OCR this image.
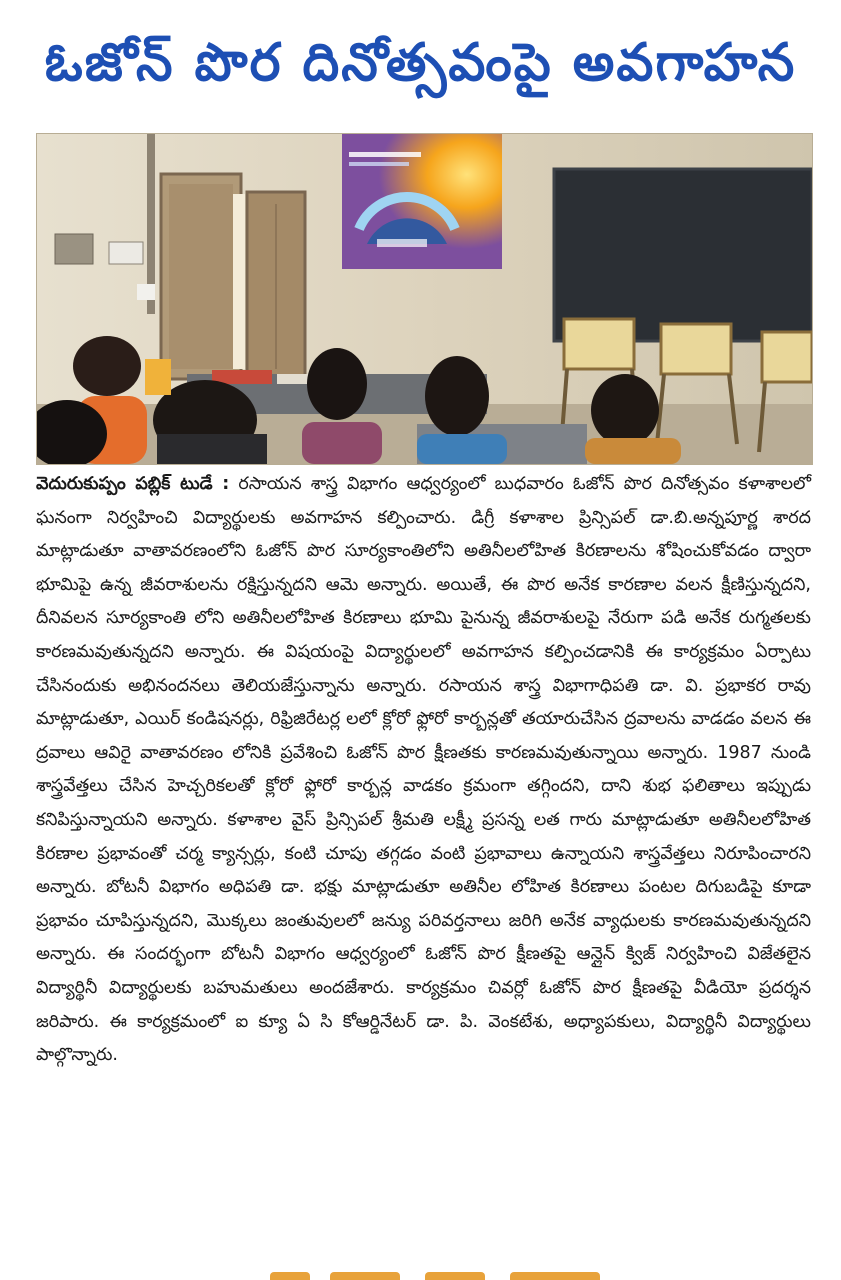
ఓజోన్ పొర దినోత్సవంపై అవగాహన
వెదురుకుప్పం పబ్లిక్ టుడే : రసాయన శాస్త్ర విభాగం ఆధ్వర్యంలో బుధవారం ఓజోన్ పొర దినోత్సవం కళాశాలలో ఘనంగా నిర్వహించి విద్యార్థులకు అవగాహన కల్పించారు. డిగ్రీ కళాశాల ప్రిన్సిపల్ డా.బి.అన్నపూర్ణ శారద మాట్లాడుతూ వాతావరణంలోని ఓజోన్ పొర సూర్యకాంతిలోని అతినీలలోహిత కిరణాలను శోషించుకోవడం ద్వారా భూమిపై ఉన్న జీవరాశులను రక్షిస్తున్నదని ఆమె అన్నారు. అయితే, ఈ పొర అనేక కారణాల వలన క్షీణిస్తున్నదని, దీనివలన సూర్యకాంతి లోని అతినీలలోహిత కిరణాలు భూమి పైనున్న జీవరాశులపై నేరుగా పడి అనేక రుగ్మతలకు కారణమవుతున్నదని అన్నారు. ఈ విషయంపై విద్యార్థులలో అవగాహన కల్పించడానికి ఈ కార్యక్రమం ఏర్పాటు చేసినందుకు అభినందనలు తెలియజేస్తున్నాను అన్నారు. రసాయన శాస్త్ర విభాగాధిపతి డా. వి. ప్రభాకర రావు మాట్లాడుతూ, ఎయిర్ కండిషనర్లు, రిఫ్రిజిరేటర్ల లలో క్లోరో ఫ్లోరో కార్బన్లతో తయారుచేసిన ద్రవాలను వాడడం వలన ఈ ద్రవాలు ఆవిరై వాతావరణం లోనికి ప్రవేశించి ఓజోన్ పొర క్షీణతకు కారణమవుతున్నాయి అన్నారు. 1987 నుండి శాస్త్రవేత్తలు చేసిన హెచ్చరికలతో క్లోరో ఫ్లోరో కార్బన్ల వాడకం క్రమంగా తగ్గిందని, దాని శుభ ఫలితాలు ఇప్పుడు కనిపిస్తున్నాయని అన్నారు. కళాశాల వైస్ ప్రిన్సిపల్ శ్రీమతి లక్ష్మీ ప్రసన్న లత గారు మాట్లాడుతూ అతినీలలోహిత కిరణాల ప్రభావంతో చర్మ క్యాన్సర్లు, కంటి చూపు తగ్గడం వంటి ప్రభావాలు ఉన్నాయని శాస్త్రవేత్తలు నిరూపించారని అన్నారు. బోటనీ విభాగం అధిపతి డా. భక్షు మాట్లాడుతూ అతినీల లోహిత కిరణాలు పంటల దిగుబడిపై కూడా ప్రభావం చూపిస్తున్నదని, మొక్కలు జంతువులలో జన్యు పరివర్తనాలు జరిగి అనేక వ్యాధులకు కారణమవుతున్నదని అన్నారు. ఈ సందర్భంగా బోటనీ విభాగం ఆధ్వర్యంలో ఓజోన్ పొర క్షీణతపై ఆన్లైన్ క్విజ్ నిర్వహించి విజేతలైన విద్యార్థినీ విద్యార్థులకు బహుమతులు అందజేశారు. కార్యక్రమం చివర్లో ఓజోన్ పొర క్షీణతపై వీడియో ప్రదర్శన జరిపారు. ఈ కార్యక్రమంలో ఐ క్యూ ఏ సి కోఆర్డినేటర్ డా. పి. వెంకటేశు, అధ్యాపకులు, విద్యార్థినీ విద్యార్థులు పాల్గొన్నారు.
